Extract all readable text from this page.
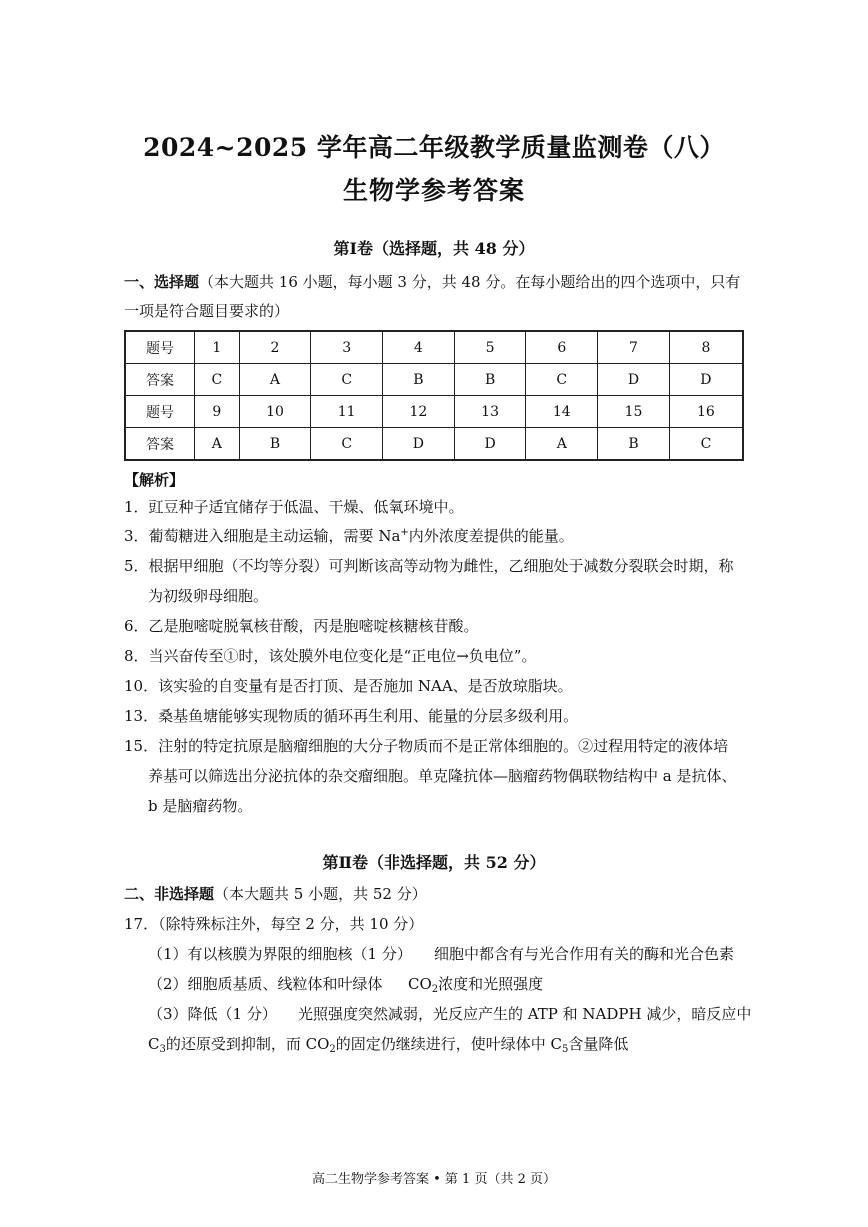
2024~2025 学年高二年级教学质量监测卷（八）
生物学参考答案
第Ⅰ卷（选择题，共 48 分）
一、选择题（本大题共 16 小题，每小题 3 分，共 48 分。在每小题给出的四个选项中，只有
一项是符合题目要求的）
题号	1	2	3	4	5	6	7	8
答案	C	A	C	B	B	C	D	D
题号	9	10	11	12	13	14	15	16
答案	A	B	C	D	D	A	B	C
【解析】
1．豇豆种子适宜储存于低温、干燥、低氧环境中。
3．葡萄糖进入细胞是主动运输，需要 Na+内外浓度差提供的能量。
5．根据甲细胞（不均等分裂）可判断该高等动物为雌性，乙细胞处于减数分裂联会时期，称
为初级卵母细胞。
6．乙是胞嘧啶脱氧核苷酸，丙是胞嘧啶核糖核苷酸。
8．当兴奋传至①时，该处膜外电位变化是“正电位→负电位”。
10．该实验的自变量有是否打顶、是否施加 NAA、是否放琼脂块。
13．桑基鱼塘能够实现物质的循环再生利用、能量的分层多级利用。
15．注射的特定抗原是脑瘤细胞的大分子物质而不是正常体细胞的。②过程用特定的液体培
养基可以筛选出分泌抗体的杂交瘤细胞。单克隆抗体—脑瘤药物偶联物结构中 a 是抗体、
b 是脑瘤药物。
第Ⅱ卷（非选择题，共 52 分）
二、非选择题（本大题共 5 小题，共 52 分）
17．（除特殊标注外，每空 2 分，共 10 分）
（1）有以核膜为界限的细胞核（1 分） 细胞中都含有与光合作用有关的酶和光合色素
（2）细胞质基质、线粒体和叶绿体 $CO_2$浓度和光照强度
（3）降低（1 分） 光照强度突然减弱，光反应产生的 ATP 和 NADPH 减少，暗反应中
$C_3$的还原受到抑制，而 $CO_2$的固定仍继续进行，使叶绿体中 $C_5$含量降低
高二生物学参考答案 • 第 1 页（共 2 页）
